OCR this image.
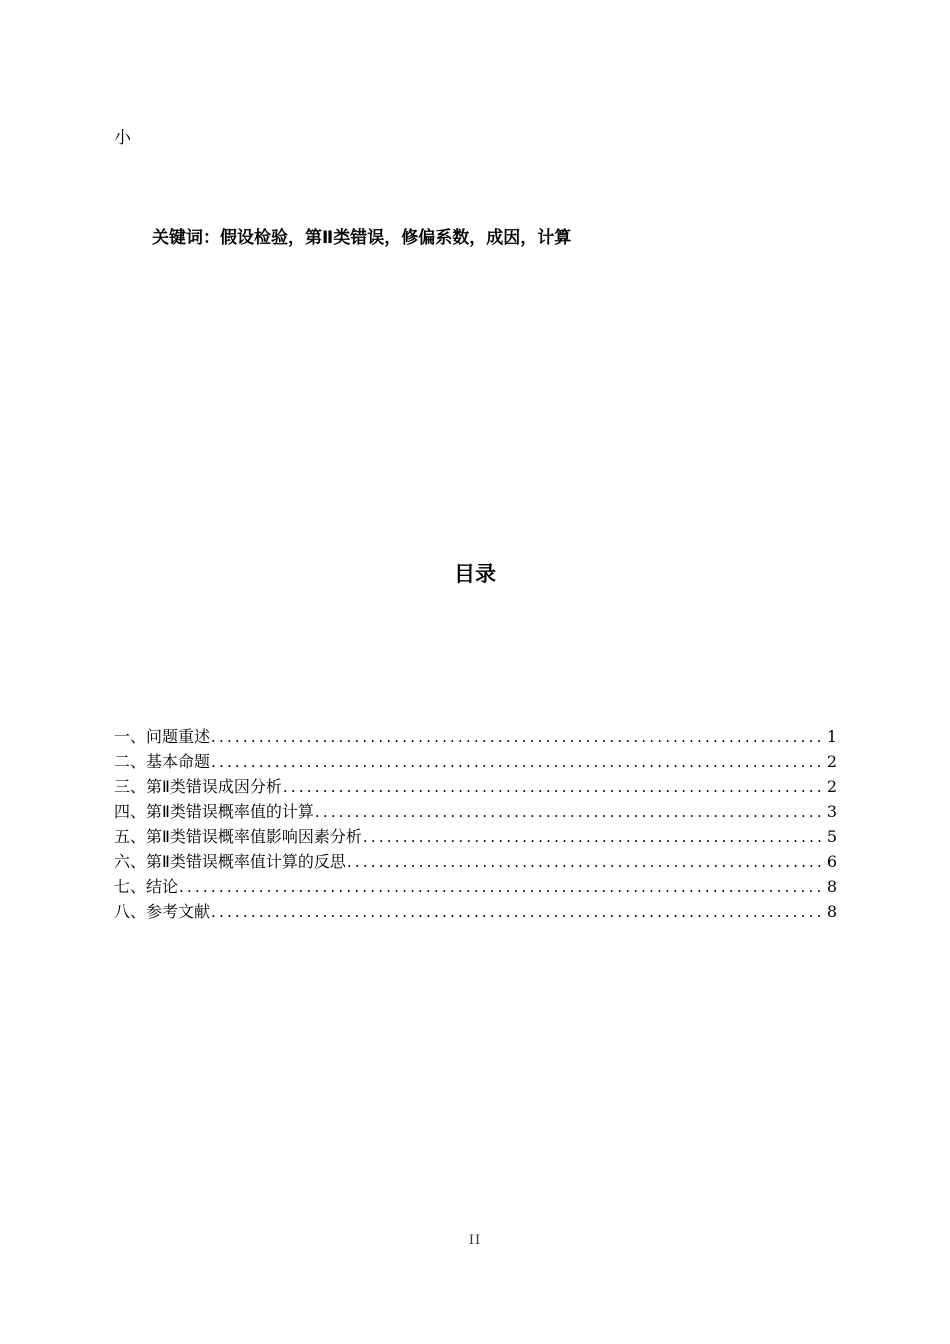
小
关键词：假设检验，第Ⅱ类错误，修偏系数，成因，计算
目录
一、问题重述 .....	1
二、基本命题 .....	2
三、第Ⅱ类错误成因分析 .....	2
四、第Ⅱ类错误概率值的计算 .....	3
五、第Ⅱ类错误概率值影响因素分析 .....	5
六、第Ⅱ类错误概率值计算的反思 .....	6
七、结论 .....	8
八、参考文献 .....	8
II
